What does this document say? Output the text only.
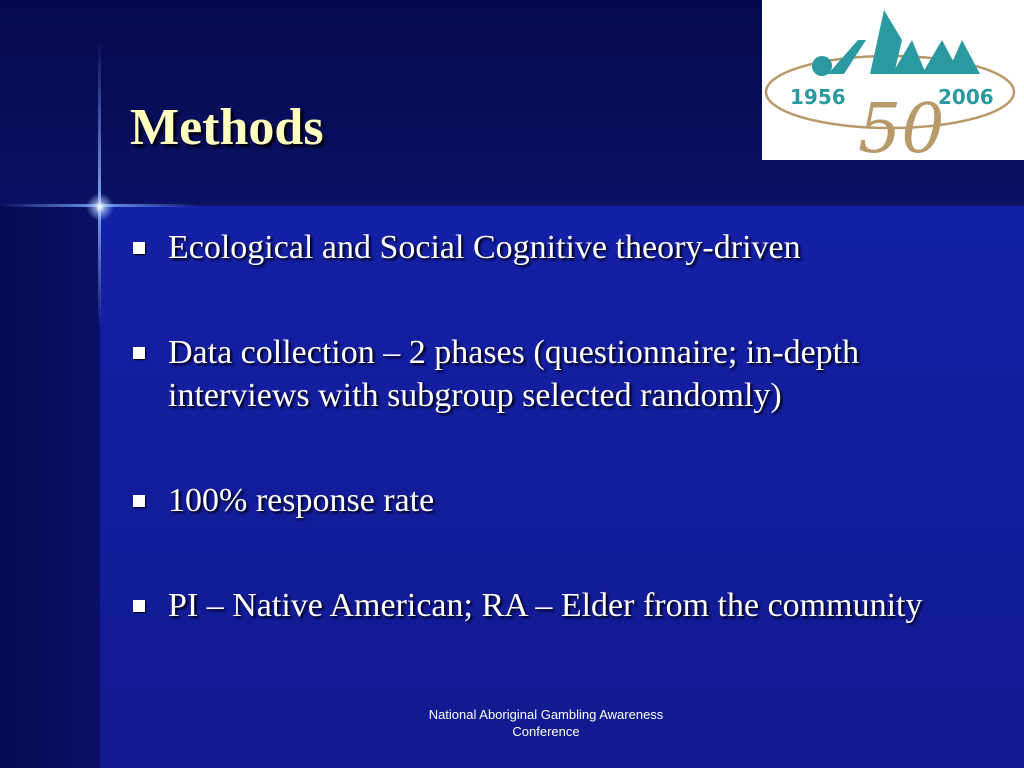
Methods
1956	2006
50
Ecological and Social Cognitive theory-driven
Data collection – 2 phases (questionnaire; in-depth interviews with subgroup selected randomly)
100% response rate
PI – Native American; RA – Elder from the community
National Aboriginal Gambling Awareness Conference
